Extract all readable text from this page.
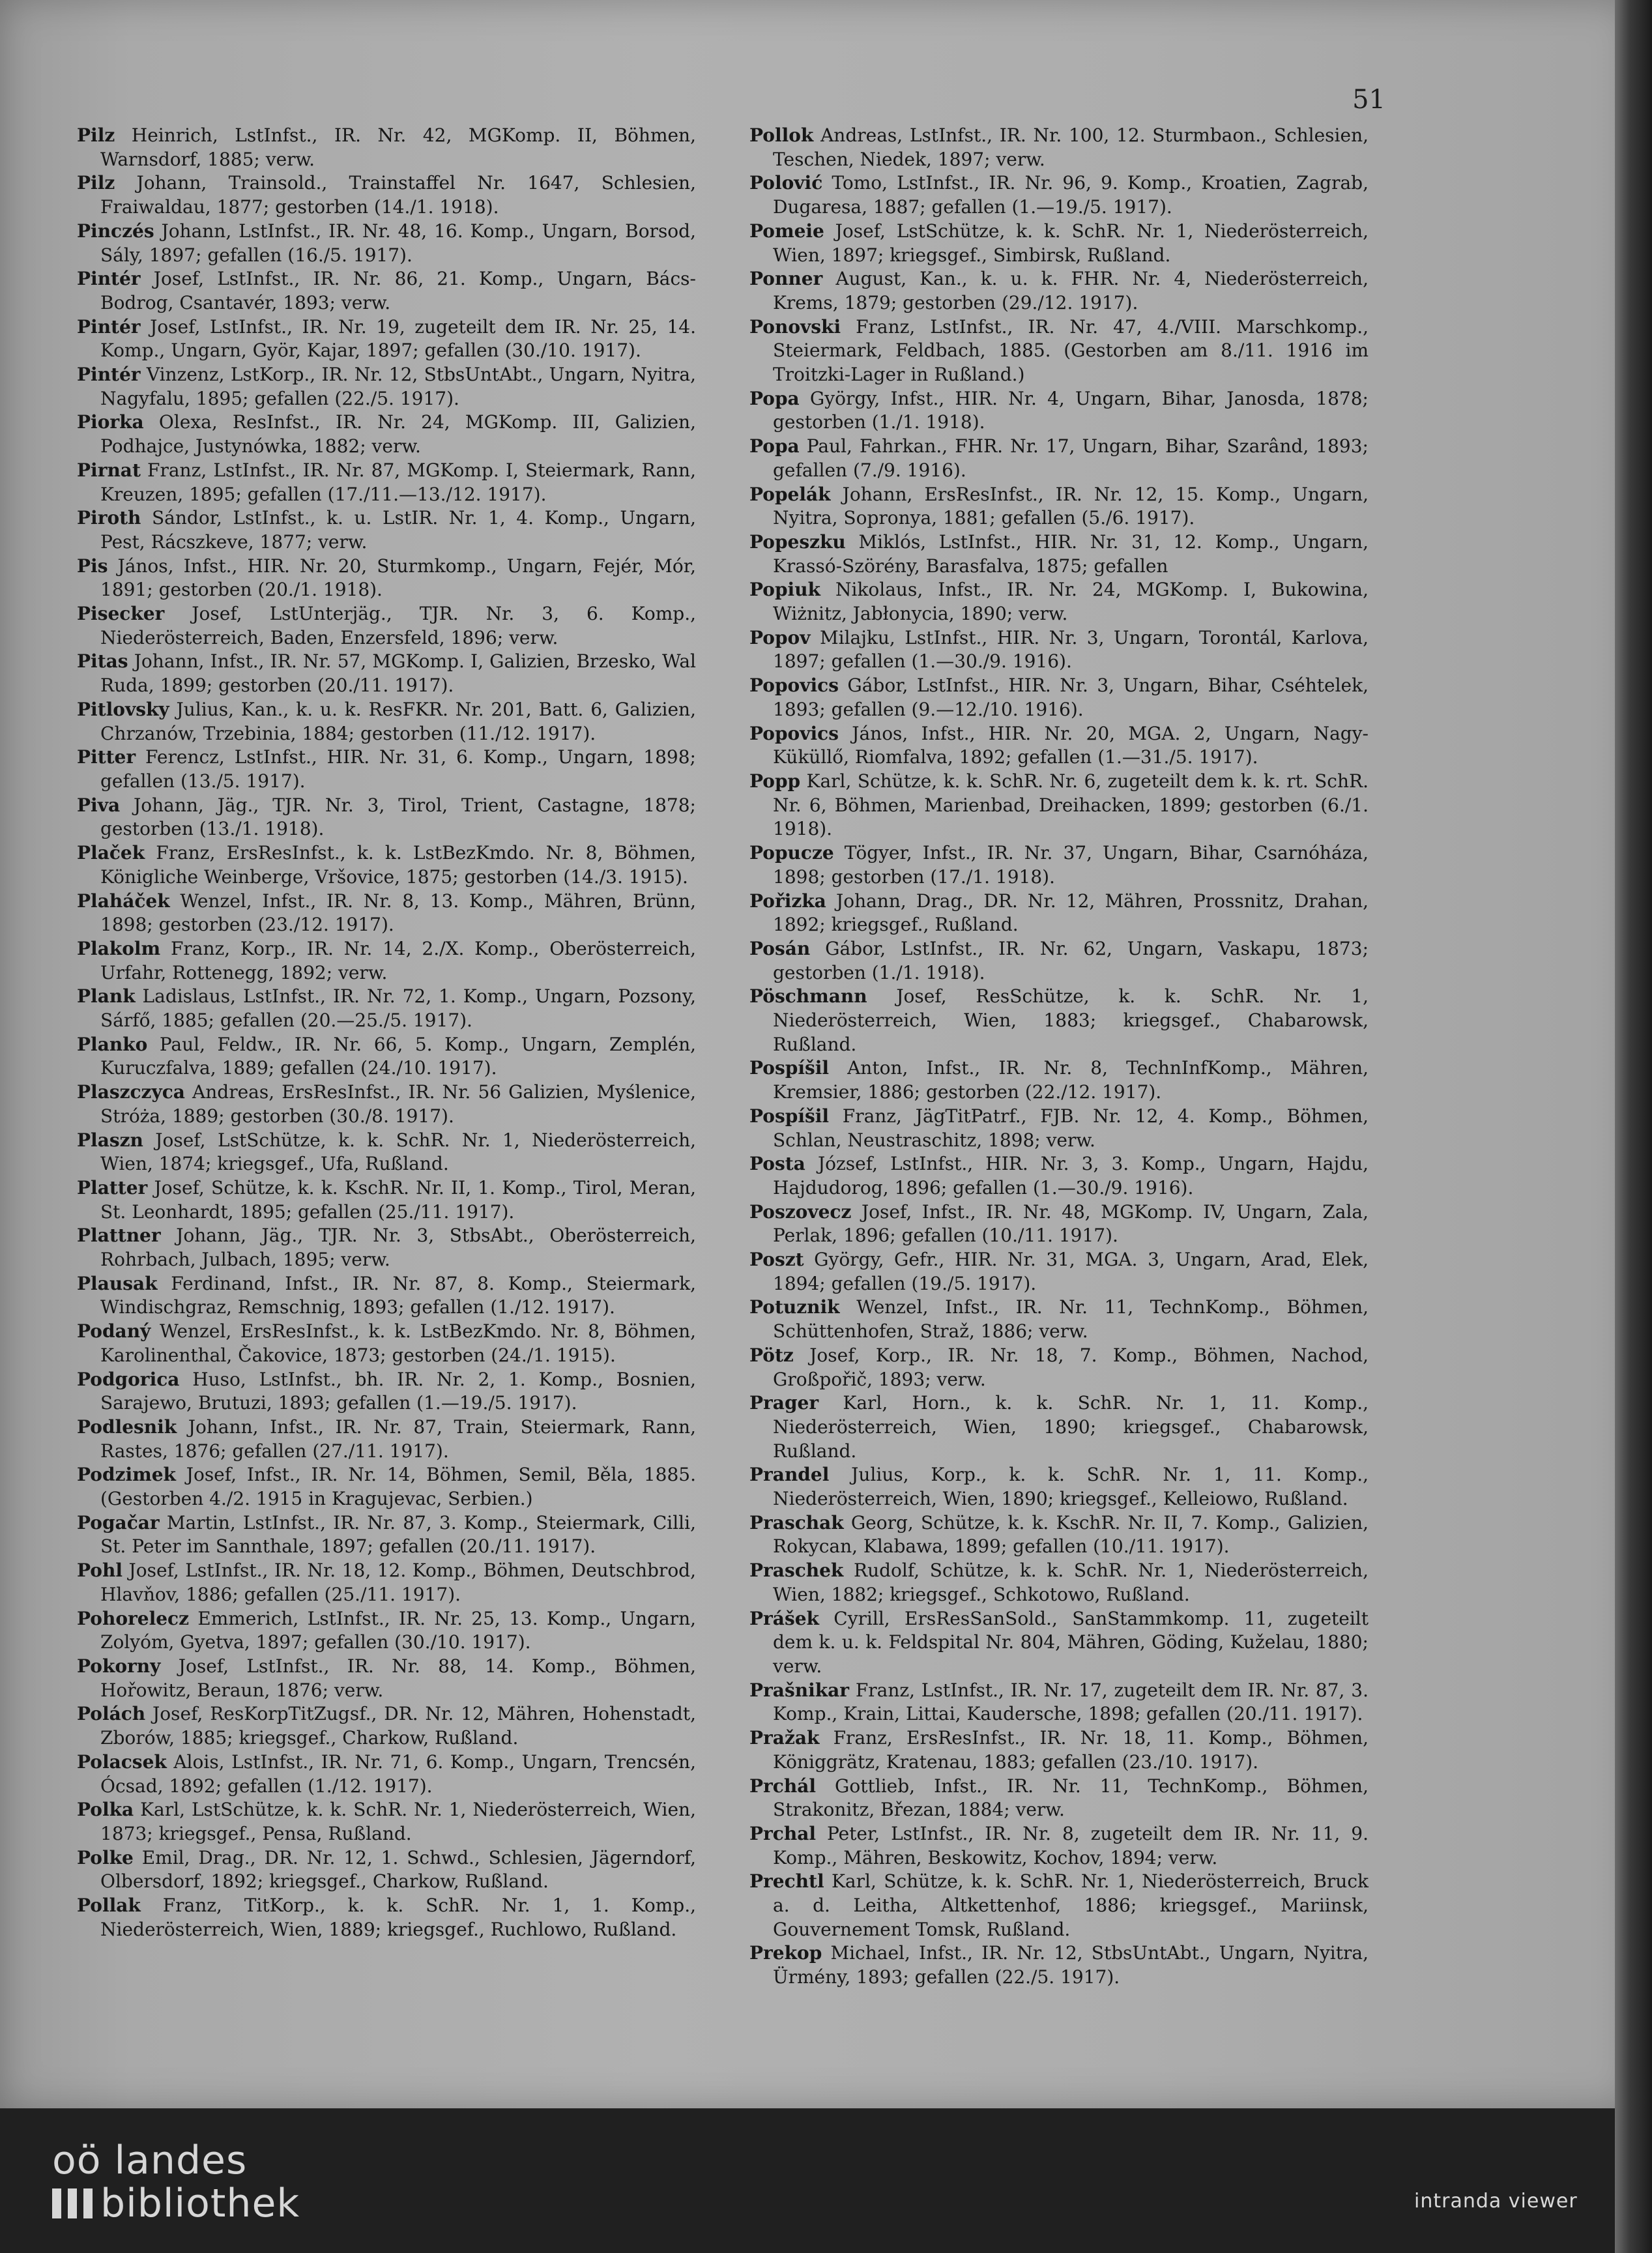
51

Pilz Heinrich, LstInfst., IR. Nr. 42, MGKomp. II, Böhmen, Warnsdorf, 1885; verw.

Pilz Johann, Trainsold., Trainstaffel Nr. 1647, Schlesien, Fraiwaldau, 1877; gestorben (14./1. 1918).

Pinczés Johann, LstInfst., IR. Nr. 48, 16. Komp., Ungarn, Borsod, Sály, 1897; gefallen (16./5. 1917).

Pintér Josef, LstInfst., IR. Nr. 86, 21. Komp., Ungarn, Bács-Bodrog, Csantavér, 1893; verw.

Pintér Josef, LstInfst., IR. Nr. 19, zugeteilt dem IR. Nr. 25, 14. Komp., Ungarn, Györ, Kajar, 1897; gefallen (30./10. 1917).

Pintér Vinzenz, LstKorp., IR. Nr. 12, StbsUntAbt., Ungarn, Nyitra, Nagyfalu, 1895; gefallen (22./5. 1917).

Piorka Olexa, ResInfst., IR. Nr. 24, MGKomp. III, Galizien, Podhajce, Justynówka, 1882; verw.

Pirnat Franz, LstInfst., IR. Nr. 87, MGKomp. I, Steiermark, Rann, Kreuzen, 1895; gefallen (17./11.—13./12. 1917).

Piroth Sándor, LstInfst., k. u. LstIR. Nr. 1, 4. Komp., Ungarn, Pest, Rácszkeve, 1877; verw.

Pis János, Infst., HIR. Nr. 20, Sturmkomp., Ungarn, Fejér, Mór, 1891; gestorben (20./1. 1918).

Pisecker Josef, LstUnterjäg., TJR. Nr. 3, 6. Komp., Niederösterreich, Baden, Enzersfeld, 1896; verw.

Pitas Johann, Infst., IR. Nr. 57, MGKomp. I, Galizien, Brzesko, Wal Ruda, 1899; gestorben (20./11. 1917).

Pitlovsky Julius, Kan., k. u. k. ResFKR. Nr. 201, Batt. 6, Galizien, Chrzanów, Trzebinia, 1884; gestorben (11./12. 1917).

Pitter Ferencz, LstInfst., HIR. Nr. 31, 6. Komp., Ungarn, 1898; gefallen (13./5. 1917).

Piva Johann, Jäg., TJR. Nr. 3, Tirol, Trient, Castagne, 1878; gestorben (13./1. 1918).

Plaček Franz, ErsResInfst., k. k. LstBezKmdo. Nr. 8, Böhmen, Königliche Weinberge, Vršovice, 1875; gestorben (14./3. 1915).

Plaháček Wenzel, Infst., IR. Nr. 8, 13. Komp., Mähren, Brünn, 1898; gestorben (23./12. 1917).

Plakolm Franz, Korp., IR. Nr. 14, 2./X. Komp., Oberösterreich, Urfahr, Rottenegg, 1892; verw.

Plank Ladislaus, LstInfst., IR. Nr. 72, 1. Komp., Ungarn, Pozsony, Sárfő, 1885; gefallen (20.—25./5. 1917).

Planko Paul, Feldw., IR. Nr. 66, 5. Komp., Ungarn, Zemplén, Kuruczfalva, 1889; gefallen (24./10. 1917).

Plaszczyca Andreas, ErsResInfst., IR. Nr. 56 Galizien, Myślenice, Stróża, 1889; gestorben (30./8. 1917).

Plaszn Josef, LstSchütze, k. k. SchR. Nr. 1, Niederösterreich, Wien, 1874; kriegsgef., Ufa, Rußland.

Platter Josef, Schütze, k. k. KschR. Nr. II, 1. Komp., Tirol, Meran, St. Leonhardt, 1895; gefallen (25./11. 1917).

Plattner Johann, Jäg., TJR. Nr. 3, StbsAbt., Oberösterreich, Rohrbach, Julbach, 1895; verw.

Plausak Ferdinand, Infst., IR. Nr. 87, 8. Komp., Steiermark, Windischgraz, Remschnig, 1893; gefallen (1./12. 1917).

Podaný Wenzel, ErsResInfst., k. k. LstBezKmdo. Nr. 8, Böhmen, Karolinenthal, Čakovice, 1873; gestorben (24./1. 1915).

Podgorica Huso, LstInfst., bh. IR. Nr. 2, 1. Komp., Bosnien, Sarajewo, Brutuzi, 1893; gefallen (1.—19./5. 1917).

Podlesnik Johann, Infst., IR. Nr. 87, Train, Steiermark, Rann, Rastes, 1876; gefallen (27./11. 1917).

Podzimek Josef, Infst., IR. Nr. 14, Böhmen, Semil, Běla, 1885. (Gestorben 4./2. 1915 in Kragujevac, Serbien.)

Pogačar Martin, LstInfst., IR. Nr. 87, 3. Komp., Steiermark, Cilli, St. Peter im Sannthale, 1897; gefallen (20./11. 1917).

Pohl Josef, LstInfst., IR. Nr. 18, 12. Komp., Böhmen, Deutschbrod, Hlavňov, 1886; gefallen (25./11. 1917).

Pohorelecz Emmerich, LstInfst., IR. Nr. 25, 13. Komp., Ungarn, Zolyóm, Gyetva, 1897; gefallen (30./10. 1917).

Pokorny Josef, LstInfst., IR. Nr. 88, 14. Komp., Böhmen, Hořowitz, Beraun, 1876; verw.

Polách Josef, ResKorpTitZugsf., DR. Nr. 12, Mähren, Hohenstadt, Zborów, 1885; kriegsgef., Charkow, Rußland.

Polacsek Alois, LstInfst., IR. Nr. 71, 6. Komp., Ungarn, Trencsén, Ócsad, 1892; gefallen (1./12. 1917).

Polka Karl, LstSchütze, k. k. SchR. Nr. 1, Niederösterreich, Wien, 1873; kriegsgef., Pensa, Rußland.

Polke Emil, Drag., DR. Nr. 12, 1. Schwd., Schlesien, Jägerndorf, Olbersdorf, 1892; kriegsgef., Charkow, Rußland.

Pollak Franz, TitKorp., k. k. SchR. Nr. 1, 1. Komp., Niederösterreich, Wien, 1889; kriegsgef., Ruchlowo, Rußland.

Pollok Andreas, LstInfst., IR. Nr. 100, 12. Sturmbaon., Schlesien, Teschen, Niedek, 1897; verw.

Polović Tomo, LstInfst., IR. Nr. 96, 9. Komp., Kroatien, Zagrab, Dugaresa, 1887; gefallen (1.—19./5. 1917).

Pomeie Josef, LstSchütze, k. k. SchR. Nr. 1, Niederösterreich, Wien, 1897; kriegsgef., Simbirsk, Rußland.

Ponner August, Kan., k. u. k. FHR. Nr. 4, Niederösterreich, Krems, 1879; gestorben (29./12. 1917).

Ponovski Franz, LstInfst., IR. Nr. 47, 4./VIII. Marschkomp., Steiermark, Feldbach, 1885. (Gestorben am 8./11. 1916 im Troitzki-Lager in Rußland.)

Popa György, Infst., HIR. Nr. 4, Ungarn, Bihar, Janosda, 1878; gestorben (1./1. 1918).

Popa Paul, Fahrkan., FHR. Nr. 17, Ungarn, Bihar, Szarând, 1893; gefallen (7./9. 1916).

Popelák Johann, ErsResInfst., IR. Nr. 12, 15. Komp., Ungarn, Nyitra, Sopronya, 1881; gefallen (5./6. 1917).

Popeszku Miklós, LstInfst., HIR. Nr. 31, 12. Komp., Ungarn, Krassó-Szörény, Barasfalva, 1875; gefallen

Popiuk Nikolaus, Infst., IR. Nr. 24, MGKomp. I, Bukowina, Wiżnitz, Jabłonycia, 1890; verw.

Popov Milajku, LstInfst., HIR. Nr. 3, Ungarn, Torontál, Karlova, 1897; gefallen (1.—30./9. 1916).

Popovics Gábor, LstInfst., HIR. Nr. 3, Ungarn, Bihar, Cséhtelek, 1893; gefallen (9.—12./10. 1916).

Popovics János, Infst., HIR. Nr. 20, MGA. 2, Ungarn, Nagy-Küküllő, Riomfalva, 1892; gefallen (1.—31./5. 1917).

Popp Karl, Schütze, k. k. SchR. Nr. 6, zugeteilt dem k. k. rt. SchR. Nr. 6, Böhmen, Marienbad, Dreihacken, 1899; gestorben (6./1. 1918).

Popucze Tögyer, Infst., IR. Nr. 37, Ungarn, Bihar, Csarnóháza, 1898; gestorben (17./1. 1918).

Pořizka Johann, Drag., DR. Nr. 12, Mähren, Prossnitz, Drahan, 1892; kriegsgef., Rußland.

Posán Gábor, LstInfst., IR. Nr. 62, Ungarn, Vaskapu, 1873; gestorben (1./1. 1918).

Pöschmann Josef, ResSchütze, k. k. SchR. Nr. 1, Niederösterreich, Wien, 1883; kriegsgef., Chabarowsk, Rußland.

Pospíšil Anton, Infst., IR. Nr. 8, TechnInfKomp., Mähren, Kremsier, 1886; gestorben (22./12. 1917).

Pospíšil Franz, JägTitPatrf., FJB. Nr. 12, 4. Komp., Böhmen, Schlan, Neustraschitz, 1898; verw.

Posta József, LstInfst., HIR. Nr. 3, 3. Komp., Ungarn, Hajdu, Hajdudorog, 1896; gefallen (1.—30./9. 1916).

Poszovecz Josef, Infst., IR. Nr. 48, MGKomp. IV, Ungarn, Zala, Perlak, 1896; gefallen (10./11. 1917).

Poszt György, Gefr., HIR. Nr. 31, MGA. 3, Ungarn, Arad, Elek, 1894; gefallen (19./5. 1917).

Potuznik Wenzel, Infst., IR. Nr. 11, TechnKomp., Böhmen, Schüttenhofen, Straž, 1886; verw.

Pötz Josef, Korp., IR. Nr. 18, 7. Komp., Böhmen, Nachod, Großpořič, 1893; verw.

Prager Karl, Horn., k. k. SchR. Nr. 1, 11. Komp., Niederösterreich, Wien, 1890; kriegsgef., Chabarowsk, Rußland.

Prandel Julius, Korp., k. k. SchR. Nr. 1, 11. Komp., Niederösterreich, Wien, 1890; kriegsgef., Kelleiowo, Rußland.

Praschak Georg, Schütze, k. k. KschR. Nr. II, 7. Komp., Galizien, Rokycan, Klabawa, 1899; gefallen (10./11. 1917).

Praschek Rudolf, Schütze, k. k. SchR. Nr. 1, Niederösterreich, Wien, 1882; kriegsgef., Schkotowo, Rußland.

Prášek Cyrill, ErsResSanSold., SanStammkomp. 11, zugeteilt dem k. u. k. Feldspital Nr. 804, Mähren, Göding, Kuželau, 1880; verw.

Prašnikar Franz, LstInfst., IR. Nr. 17, zugeteilt dem IR. Nr. 87, 3. Komp., Krain, Littai, Kaudersche, 1898; gefallen (20./11. 1917).

Pražak Franz, ErsResInfst., IR. Nr. 18, 11. Komp., Böhmen, Königgrätz, Kratenau, 1883; gefallen (23./10. 1917).

Prchál Gottlieb, Infst., IR. Nr. 11, TechnKomp., Böhmen, Strakonitz, Březan, 1884; verw.

Prchal Peter, LstInfst., IR. Nr. 8, zugeteilt dem IR. Nr. 11, 9. Komp., Mähren, Beskowitz, Kochov, 1894; verw.

Prechtl Karl, Schütze, k. k. SchR. Nr. 1, Niederösterreich, Bruck a. d. Leitha, Altkettenhof, 1886; kriegsgef., Mariinsk, Gouvernement Tomsk, Rußland.

Prekop Michael, Infst., IR. Nr. 12, StbsUntAbt., Ungarn, Nyitra, Ürmény, 1893; gefallen (22./5. 1917).

oö landes
bibliothek	intranda viewer
